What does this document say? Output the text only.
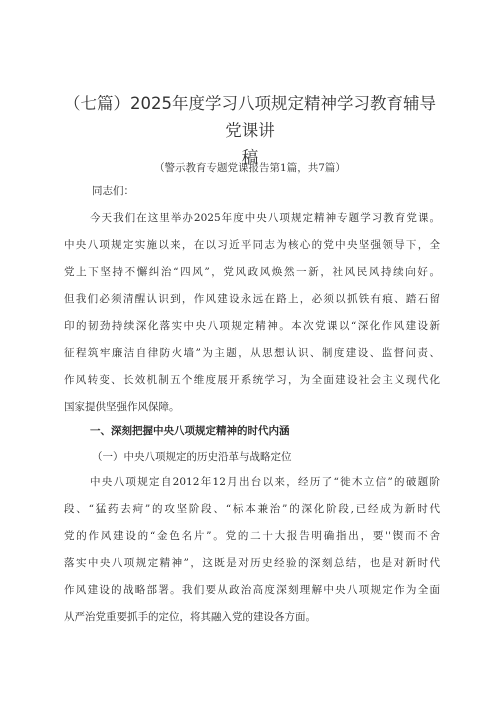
（七篇）2025年度学习八项规定精神学习教育辅导党课讲
稿
（警示教育专题党课报告第1篇，共7篇）
同志们：
今天我们在这里举办2025年度中央八项规定精神专题学习教育党课。
中央八项规定实施以来，在以习近平同志为核心的党中央坚强领导下，全
党上下坚持不懈纠治“四风”，党风政风焕然一新，社风民风持续向好。
但我们必须清醒认识到，作风建设永远在路上，必须以抓铁有痕、踏石留
印的韧劲持续深化落实中央八项规定精神。本次党课以“深化作风建设新
征程筑牢廉洁自律防火墙”为主题，从思想认识、制度建设、监督问责、
作风转变、长效机制五个维度展开系统学习，为全面建设社会主义现代化
国家提供坚强作风保障。
一、深刻把握中央八项规定精神的时代内涵
（一）中央八项规定的历史沿革与战略定位
中央八项规定自2012年12月出台以来，经历了“徙木立信”的破题阶
段、“猛药去疴”的攻坚阶段、“标本兼治”的深化阶段,已经成为新时代
党的作风建设的“金色名片”。党的二十大报告明确指出，要''锲而不舍
落实中央八项规定精神”，这既是对历史经验的深刻总结，也是对新时代
作风建设的战略部署。我们要从政治高度深刻理解中央八项规定作为全面
从严治党重要抓手的定位，将其融入党的建设各方面。
